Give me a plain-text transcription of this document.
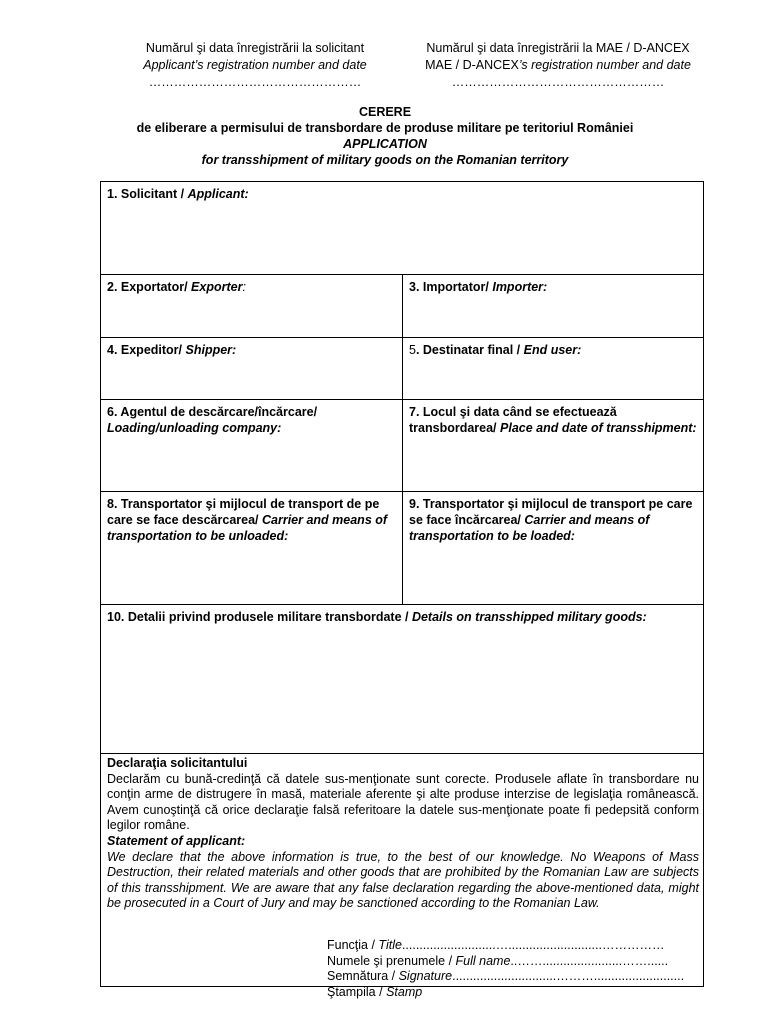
Numărul şi data înregistrării la solicitant
Applicant’s registration number and date
……………………………………………
Numărul şi data înregistrării la MAE / D-ANCEX
MAE / D-ANCEX’s registration number and date
……………………………………………
CERERE
de eliberare a permisului de transbordare de produse militare pe teritoriul României
APPLICATION
for transshipment of military goods on the Romanian territory
1. Solicitant / Applicant:
2. Exportator/ Exporter:	3. Importator/ Importer:
4. Expeditor/ Shipper:	5. Destinatar final / End user:
6. Agentul de descărcare/încărcare/
Loading/unloading company:
7. Locul şi data când se efectuează transbordarea/ Place and date of transshipment:
8. Transportator şi mijlocul de transport de pe care se face descărcarea/ Carrier and means of transportation to be unloaded:
9. Transportator şi mijlocul de transport pe care se face încărcarea/ Carrier and means of transportation to be loaded:
10. Detalii privind produsele militare transbordate / Details on transshipped military goods:
Declaraţia solicitantului
Declarăm cu bună-credinţă că datele sus-menţionate sunt corecte. Produsele aflate în transbordare nu conţin arme de distrugere în masă, materiale aferente şi alte produse interzise de legislaţia românească. Avem cunoştinţă că orice declaraţie falsă referitoare la datele sus-menţionate poate fi pedepsită conform legilor române.
Statement of applicant:
We declare that the above information is true, to the best of our knowledge. No Weapons of Mass Destruction, their related materials and other goods that are prohibited by the Romanian Law are subjects of this transshipment. We are aware that any false declaration regarding the above-mentioned data, might be prosecuted in a Court of Jury and may be sanctioned according to the Romanian Law.
Funcţia / Title...........................…...........................……………
Numele şi prenumele / Full name..…….......................……......
Semnătura / Signature..............................………..........................
Ştampila / Stamp
